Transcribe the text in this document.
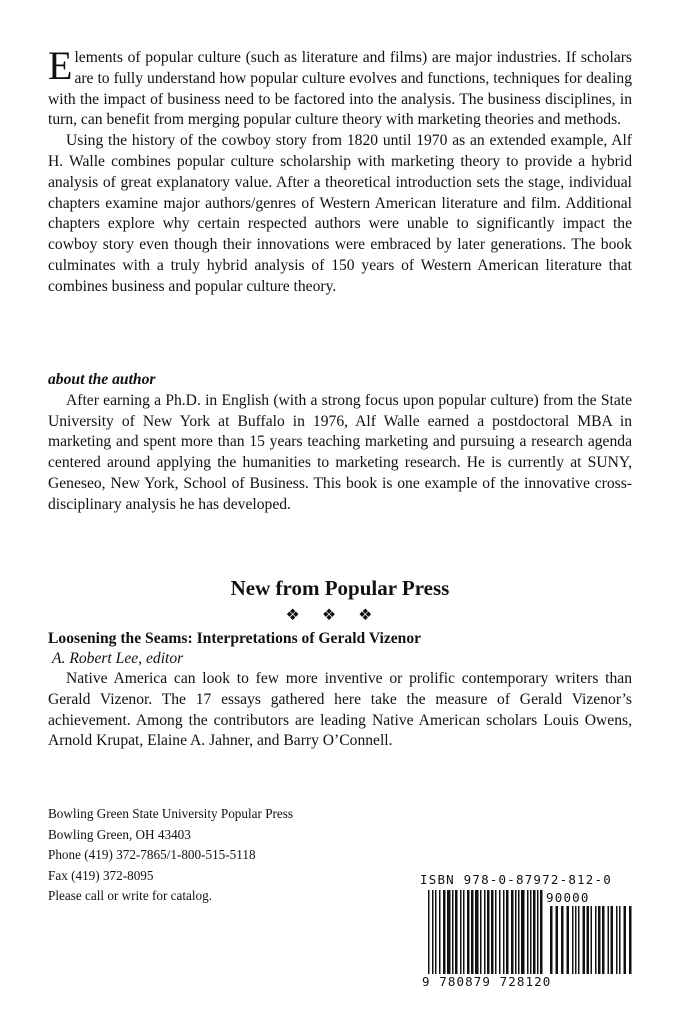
Elements of popular culture (such as literature and films) are major industries. If scholars are to fully understand how popular culture evolves and functions, techniques for dealing with the impact of business need to be factored into the analysis. The business disciplines, in turn, can benefit from merging popular culture theory with marketing theories and methods.

Using the history of the cowboy story from 1820 until 1970 as an extended example, Alf H. Walle combines popular culture scholarship with marketing theory to provide a hybrid analysis of great explanatory value. After a theoretical introduction sets the stage, individual chapters examine major authors/genres of Western American literature and film. Additional chapters explore why certain respected authors were unable to significantly impact the cowboy story even though their innovations were embraced by later generations. The book culminates with a truly hybrid analysis of 150 years of Western American literature that combines business and popular culture theory.

about the author

After earning a Ph.D. in English (with a strong focus upon popular culture) from the State University of New York at Buffalo in 1976, Alf Walle earned a postdoctoral MBA in marketing and spent more than 15 years teaching marketing and pursuing a research agenda centered around applying the humanities to marketing research. He is currently at SUNY, Geneseo, New York, School of Business. This book is one example of the innovative cross-disciplinary analysis he has developed.

New from Popular Press
❖❖❖

Loosening the Seams: Interpretations of Gerald Vizenor

A. Robert Lee, editor

Native America can look to few more inventive or prolific contemporary writers than Gerald Vizenor. The 17 essays gathered here take the measure of Gerald Vizenor’s achievement. Among the contributors are leading Native American scholars Louis Owens, Arnold Krupat, Elaine A. Jahner, and Barry O’Connell.

Bowling Green State University Popular Press
Bowling Green, OH 43403
Phone (419) 372-7865/1-800-515-5118
Fax (419) 372-8095
Please call or write for catalog.
ISBN 978-0-87972-812-0
90000
9 780879 728120
